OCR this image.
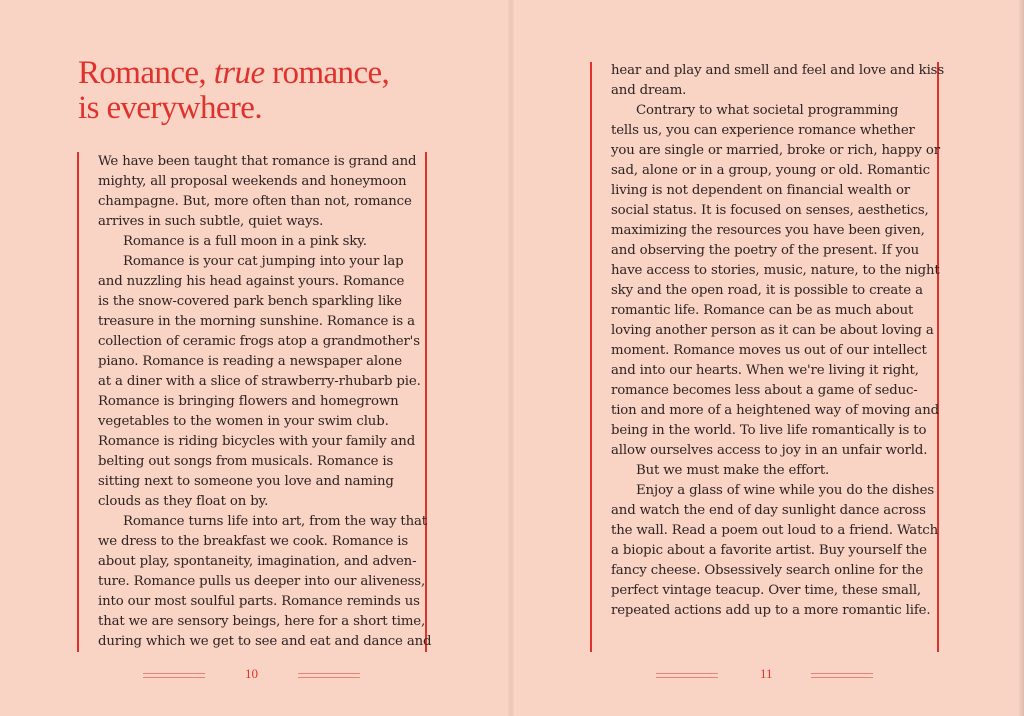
Romance, true romance,
is everywhere.

We have been taught that romance is grand and

mighty, all proposal weekends and honeymoon

champagne. But, more often than not, romance

arrives in such subtle, quiet ways.

Romance is a full moon in a pink sky.

Romance is your cat jumping into your lap

and nuzzling his head against yours. Romance

is the snow-covered park bench sparkling like

treasure in the morning sunshine. Romance is a

collection of ceramic frogs atop a grandmother's

piano. Romance is reading a newspaper alone

at a diner with a slice of strawberry-rhubarb pie.

Romance is bringing flowers and homegrown

vegetables to the women in your swim club.

Romance is riding bicycles with your family and

belting out songs from musicals. Romance is

sitting next to someone you love and naming

clouds as they float on by.

Romance turns life into art, from the way that

we dress to the breakfast we cook. Romance is

about play, spontaneity, imagination, and adven-

ture. Romance pulls us deeper into our aliveness,

into our most soulful parts. Romance reminds us

that we are sensory beings, here for a short time,

during which we get to see and eat and dance and

10

hear and play and smell and feel and love and kiss

and dream.

Contrary to what societal programming

tells us, you can experience romance whether

you are single or married, broke or rich, happy or

sad, alone or in a group, young or old. Romantic

living is not dependent on financial wealth or

social status. It is focused on senses, aesthetics,

maximizing the resources you have been given,

and observing the poetry of the present. If you

have access to stories, music, nature, to the night

sky and the open road, it is possible to create a

romantic life. Romance can be as much about

loving another person as it can be about loving a

moment. Romance moves us out of our intellect

and into our hearts. When we're living it right,

romance becomes less about a game of seduc-

tion and more of a heightened way of moving and

being in the world. To live life romantically is to

allow ourselves access to joy in an unfair world.

But we must make the effort.

Enjoy a glass of wine while you do the dishes

and watch the end of day sunlight dance across

the wall. Read a poem out loud to a friend. Watch

a biopic about a favorite artist. Buy yourself the

fancy cheese. Obsessively search online for the

perfect vintage teacup. Over time, these small,

repeated actions add up to a more romantic life.

11
